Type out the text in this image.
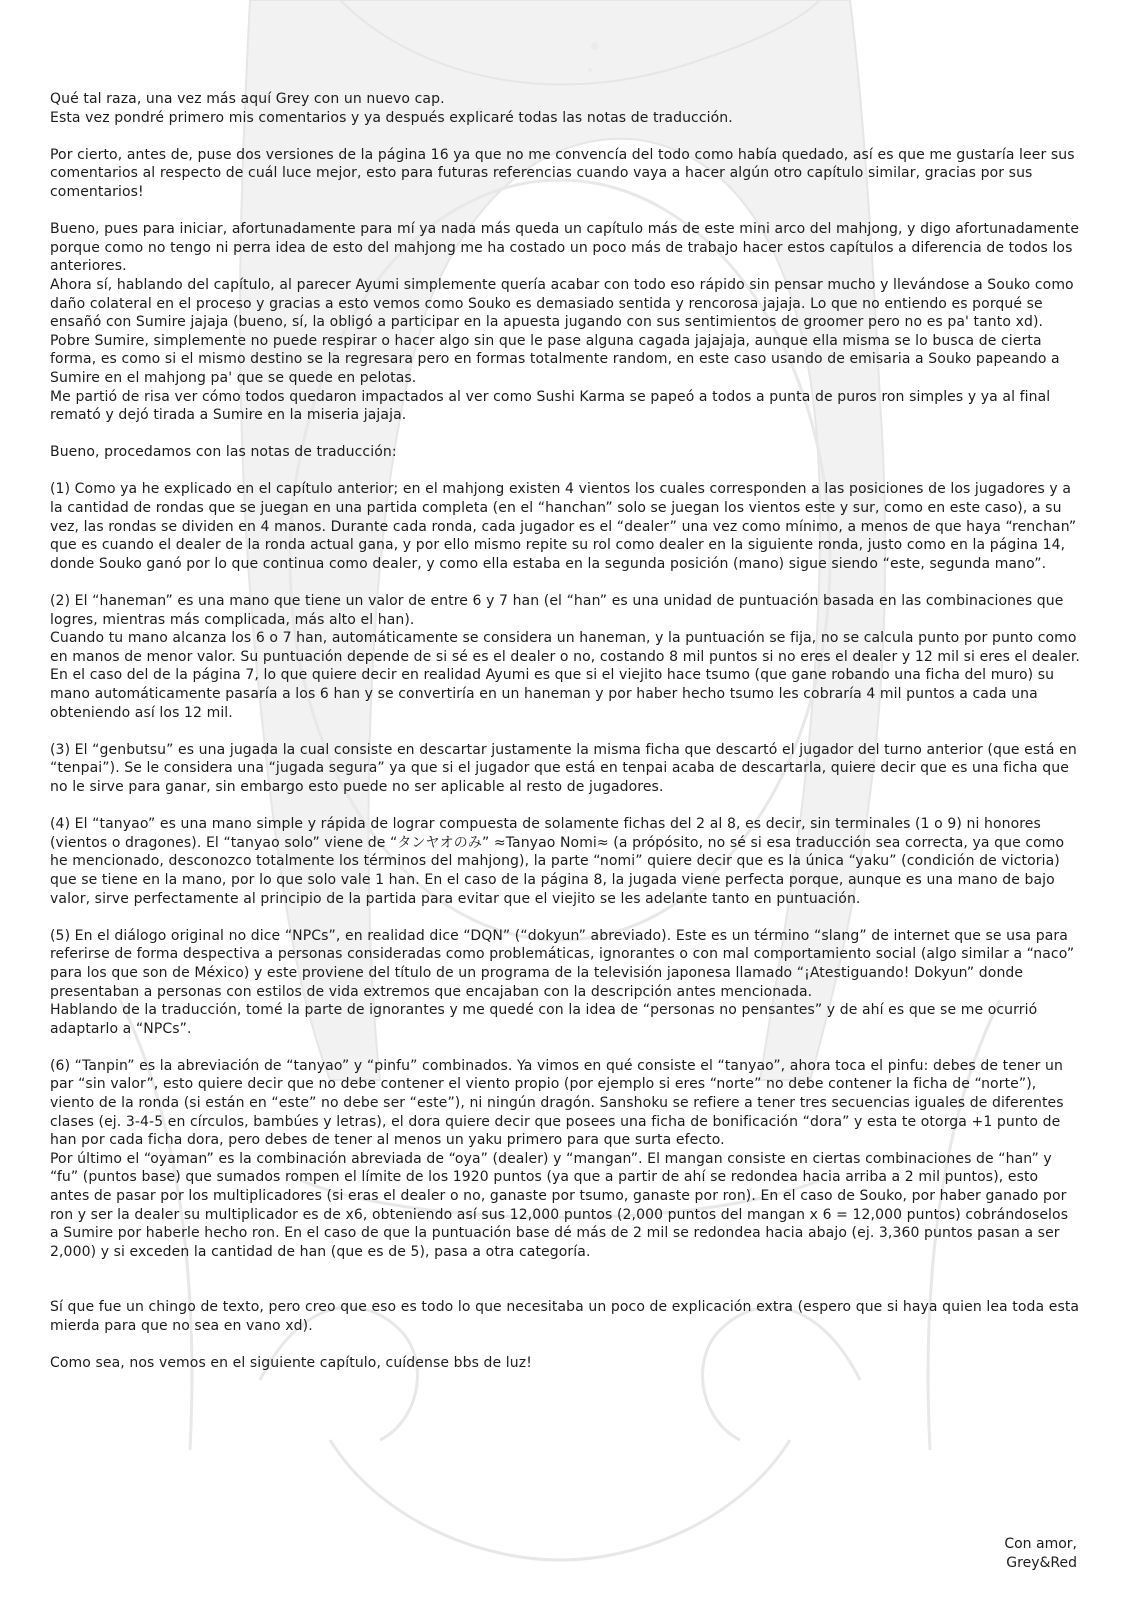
Qué tal raza, una vez más aquí Grey con un nuevo cap.
Esta vez pondré primero mis comentarios y ya después explicaré todas las notas de traducción.

Por cierto, antes de, puse dos versiones de la página 16 ya que no me convencía del todo como había quedado, así es que me gustaría leer sus comentarios al respecto de cuál luce mejor, esto para futuras referencias cuando vaya a hacer algún otro capítulo similar, gracias por sus comentarios!

Bueno, pues para iniciar, afortunadamente para mí ya nada más queda un capítulo más de este mini arco del mahjong, y digo afortunadamente porque como no tengo ni perra idea de esto del mahjong me ha costado un poco más de trabajo hacer estos capítulos a diferencia de todos los anteriores.
Ahora sí, hablando del capítulo, al parecer Ayumi simplemente quería acabar con todo eso rápido sin pensar mucho y llevándose a Souko como daño colateral en el proceso y gracias a esto vemos como Souko es demasiado sentida y rencorosa jajaja. Lo que no entiendo es porqué se ensañó con Sumire jajaja (bueno, sí, la obligó a participar en la apuesta jugando con sus sentimientos de groomer pero no es pa' tanto xd).
Pobre Sumire, simplemente no puede respirar o hacer algo sin que le pase alguna cagada jajajaja, aunque ella misma se lo busca de cierta forma, es como si el mismo destino se la regresara pero en formas totalmente random, en este caso usando de emisaria a Souko papeando a Sumire en el mahjong pa' que se quede en pelotas.
Me partió de risa ver cómo todos quedaron impactados al ver como Sushi Karma se papeó a todos a punta de puros ron simples y ya al final remató y dejó tirada a Sumire en la miseria jajaja.

Bueno, procedamos con las notas de traducción:

(1) Como ya he explicado en el capítulo anterior; en el mahjong existen 4 vientos los cuales corresponden a las posiciones de los jugadores y a la cantidad de rondas que se juegan en una partida completa (en el “hanchan” solo se juegan los vientos este y sur, como en este caso), a su vez, las rondas se dividen en 4 manos. Durante cada ronda, cada jugador es el “dealer” una vez como mínimo, a menos de que haya “renchan” que es cuando el dealer de la ronda actual gana, y por ello mismo repite su rol como dealer en la siguiente ronda, justo como en la página 14, donde Souko ganó por lo que continua como dealer, y como ella estaba en la segunda posición (mano) sigue siendo “este, segunda mano”.

(2) El “haneman” es una mano que tiene un valor de entre 6 y 7 han (el “han” es una unidad de puntuación basada en las combinaciones que logres, mientras más complicada, más alto el han).
Cuando tu mano alcanza los 6 o 7 han, automáticamente se considera un haneman, y la puntuación se fija, no se calcula punto por punto como en manos de menor valor. Su puntuación depende de si sé es el dealer o no, costando 8 mil puntos si no eres el dealer y 12 mil si eres el dealer.
En el caso del de la página 7, lo que quiere decir en realidad Ayumi es que si el viejito hace tsumo (que gane robando una ficha del muro) su mano automáticamente pasaría a los 6 han y se convertiría en un haneman y por haber hecho tsumo les cobraría 4 mil puntos a cada una obteniendo así los 12 mil.

(3) El “genbutsu” es una jugada la cual consiste en descartar justamente la misma ficha que descartó el jugador del turno anterior (que está en “tenpai”). Se le considera una “jugada segura” ya que si el jugador que está en tenpai acaba de descartarla, quiere decir que es una ficha que no le sirve para ganar, sin embargo esto puede no ser aplicable al resto de jugadores.

(4) El “tanyao” es una mano simple y rápida de lograr compuesta de solamente fichas del 2 al 8, es decir, sin terminales (1 o 9) ni honores (vientos o dragones). El “tanyao solo” viene de “タンヤオのみ” ≈Tanyao Nomi≈ (a própósito, no sé si esa traducción sea correcta, ya que como he mencionado, desconozco totalmente los términos del mahjong), la parte “nomi” quiere decir que es la única “yaku” (condición de victoria) que se tiene en la mano, por lo que solo vale 1 han. En el caso de la página 8, la jugada viene perfecta porque, aunque es una mano de bajo valor, sirve perfectamente al principio de la partida para evitar que el viejito se les adelante tanto en puntuación.

(5) En el diálogo original no dice “NPCs”, en realidad dice “DQN” (“dokyun” abreviado). Este es un término “slang” de internet que se usa para referirse de forma despectiva a personas consideradas como problemáticas, ignorantes o con mal comportamiento social (algo similar a “naco” para los que son de México) y este proviene del título de un programa de la televisión japonesa llamado “¡Atestiguando! Dokyun” donde presentaban a personas con estilos de vida extremos que encajaban con la descripción antes mencionada.
Hablando de la traducción, tomé la parte de ignorantes y me quedé con la idea de “personas no pensantes” y de ahí es que se me ocurrió adaptarlo a “NPCs”.

(6) “Tanpin” es la abreviación de “tanyao” y “pinfu” combinados. Ya vimos en qué consiste el “tanyao”, ahora toca el pinfu: debes de tener un par “sin valor”, esto quiere decir que no debe contener el viento propio (por ejemplo si eres “norte” no debe contener la ficha de “norte”), viento de la ronda (si están en “este” no debe ser “este”), ni ningún dragón. Sanshoku se refiere a tener tres secuencias iguales de diferentes clases (ej. 3-4-5 en círculos, bambúes y letras), el dora quiere decir que posees una ficha de bonificación “dora” y esta te otorga +1 punto de han por cada ficha dora, pero debes de tener al menos un yaku primero para que surta efecto.
Por último el “oyaman” es la combinación abreviada de “oya” (dealer) y “mangan”. El mangan consiste en ciertas combinaciones de “han” y “fu” (puntos base) que sumados rompen el límite de los 1920 puntos (ya que a partir de ahí se redondea hacia arriba a 2 mil puntos), esto antes de pasar por los multiplicadores (si eras el dealer o no, ganaste por tsumo, ganaste por ron). En el caso de Souko, por haber ganado por ron y ser la dealer su multiplicador es de x6, obteniendo así sus 12,000 puntos (2,000 puntos del mangan x 6 = 12,000 puntos) cobrándoselos a Sumire por haberle hecho ron. En el caso de que la puntuación base dé más de 2 mil se redondea hacia abajo (ej. 3,360 puntos pasan a ser 2,000) y si exceden la cantidad de han (que es de 5), pasa a otra categoría.

Sí que fue un chingo de texto, pero creo que eso es todo lo que necesitaba un poco de explicación extra (espero que si haya quien lea toda esta mierda para que no sea en vano xd).

Como sea, nos vemos en el siguiente capítulo, cuídense bbs de luz!

Con amor,
Grey&Red
